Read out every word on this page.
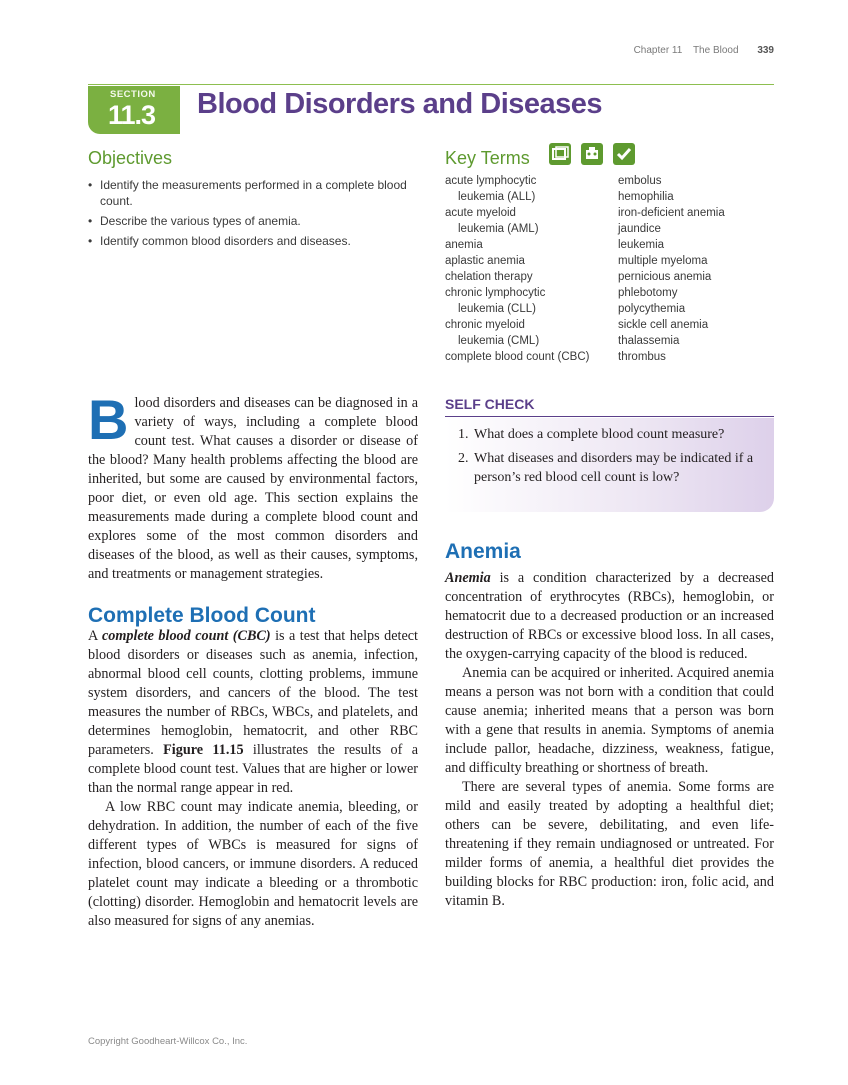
Chapter 11 The Blood 339
SECTION
11.3 Blood Disorders and Diseases
Objectives
• Identify the measurements performed in a complete blood count.
• Describe the various types of anemia.
• Identify common blood disorders and diseases.
Key Terms
acute lymphocytic
leukemia (ALL)
acute myeloid
leukemia (AML)
anemia
aplastic anemia
chelation therapy
chronic lymphocytic
leukemia (CLL)
chronic myeloid
leukemia (CML)
complete blood count (CBC)
embolus
hemophilia
iron-deficient anemia
jaundice
leukemia
multiple myeloma
pernicious anemia
phlebotomy
polycythemia
sickle cell anemia
thalassemia
thrombus

Blood disorders and diseases can be diagnosed in a variety of ways, including a complete blood count test. What causes a disorder or disease of the blood? Many health problems affecting the blood are inherited, but some are caused by environmental factors, poor diet, or even old age. This section explains the measurements made during a complete blood count and explores some of the most common disorders and diseases of the blood, as well as their causes, symptoms, and treatments or management strategies.

Complete Blood Count

A complete blood count (CBC) is a test that helps detect blood disorders or diseases such as anemia, infection, abnormal blood cell counts, clotting problems, immune system disorders, and cancers of the blood. The test measures the number of RBCs, WBCs, and platelets, and determines hemoglobin, hematocrit, and other RBC parameters. Figure 11.15 illustrates the results of a complete blood count test. Values that are higher or lower than the normal range appear in red.

A low RBC count may indicate anemia, bleeding, or dehydration. In addition, the number of each of the five different types of WBCs is measured for signs of infection, blood cancers, or immune disorders. A reduced platelet count may indicate a bleeding or a thrombotic (clotting) disorder. Hemoglobin and hematocrit levels are also measured for signs of any anemias.

SELF CHECK
1. What does a complete blood count measure?
2. What diseases and disorders may be indicated if a person’s red blood cell count is low?
Anemia

Anemia is a condition characterized by a decreased concentration of erythrocytes (RBCs), hemoglobin, or hematocrit due to a decreased production or an increased destruction of RBCs or excessive blood loss. In all cases, the oxygen-carrying capacity of the blood is reduced.

Anemia can be acquired or inherited. Acquired anemia means a person was not born with a condition that could cause anemia; inherited means that a person was born with a gene that results in anemia. Symptoms of anemia include pallor, headache, dizziness, weakness, fatigue, and difficulty breathing or shortness of breath.

There are several types of anemia. Some forms are mild and easily treated by adopting a healthful diet; others can be severe, debilitating, and even life-threatening if they remain undiagnosed or untreated. For milder forms of anemia, a healthful diet provides the building blocks for RBC production: iron, folic acid, and vitamin B.

Copyright Goodheart-Willcox Co., Inc.
